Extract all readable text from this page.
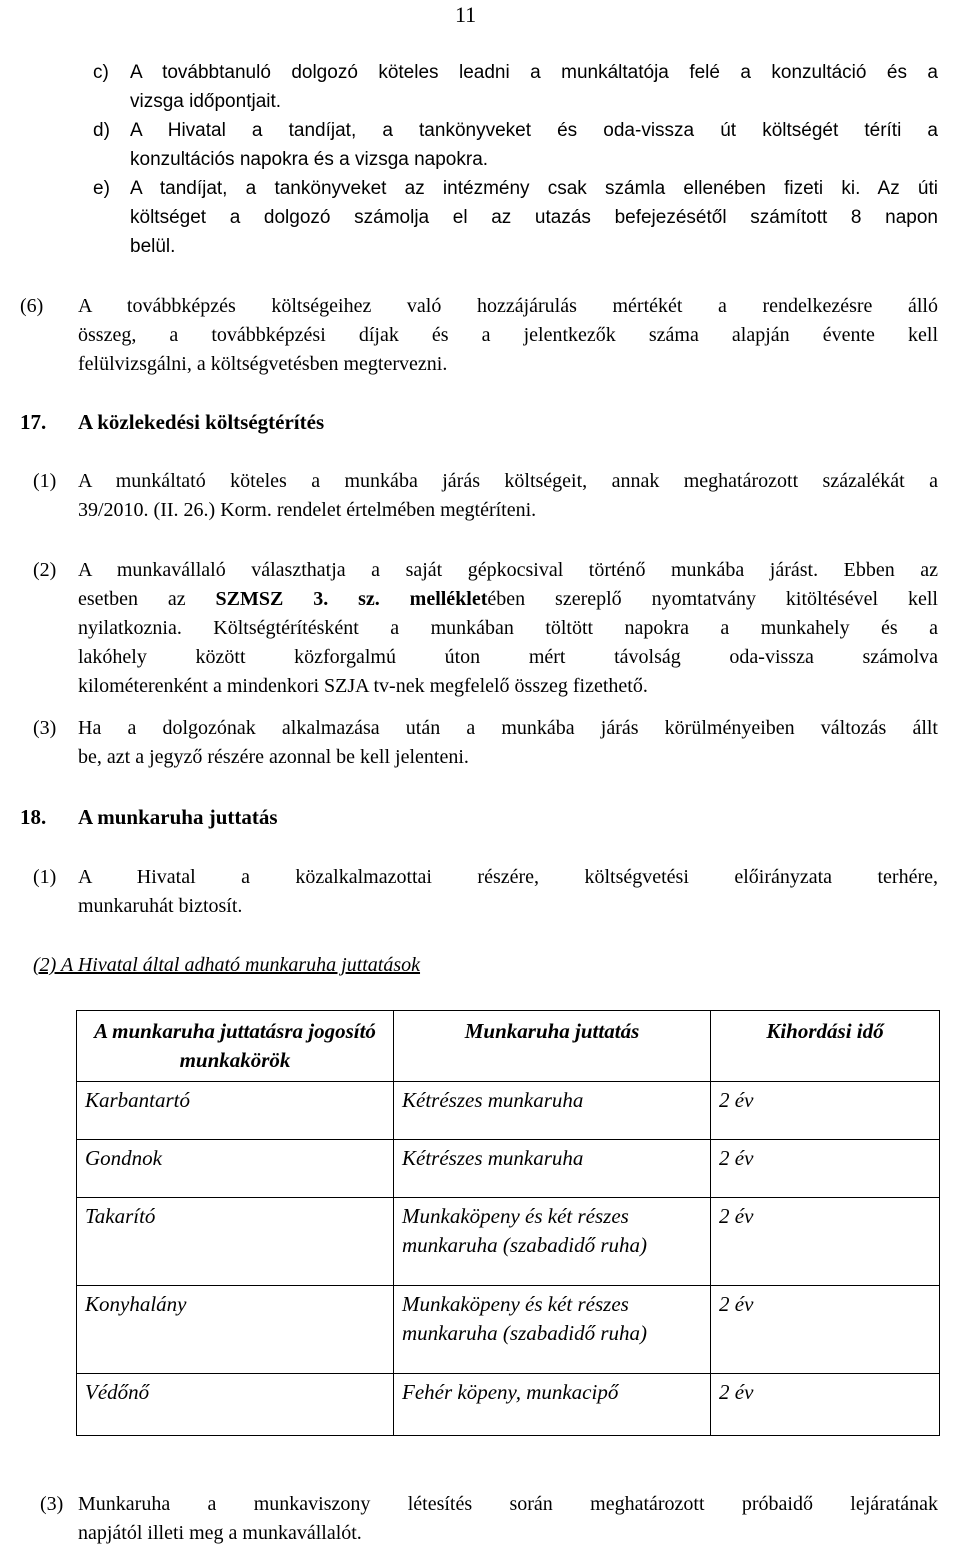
11
c) A továbbtanuló dolgozó köteles leadni a munkáltatója felé a konzultáció és a
vizsga időpontjait.
d) A Hivatal a tandíjat, a tankönyveket és oda-vissza út költségét téríti a
konzultációs napokra és a vizsga napokra.
e) A tandíjat, a tankönyveket az intézmény csak számla ellenében fizeti ki. Az úti
költséget a dolgozó számolja el az utazás befejezésétől számított 8 napon
belül.
(6) A továbbképzés költségeihez való hozzájárulás mértékét a rendelkezésre álló
összeg, a továbbképzési díjak és a jelentkezők száma alapján évente kell
felülvizsgálni, a költségvetésben megtervezni.
17. A közlekedési költségtérítés
(1) A munkáltató köteles a munkába járás költségeit, annak meghatározott százalékát a
39/2010. (II. 26.) Korm. rendelet értelmében megtéríteni.
(2) A munkavállaló választhatja a saját gépkocsival történő munkába járást. Ebben az
esetben az SZMSZ 3. sz. mellékletében szereplő nyomtatvány kitöltésével kell
nyilatkoznia. Költségtérítésként a munkában töltött napokra a munkahely és a
lakóhely között közforgalmú úton mért távolság oda-vissza számolva
kilométerenként a mindenkori SZJA tv-nek megfelelő összeg fizethető.
(3) Ha a dolgozónak alkalmazása után a munkába járás körülményeiben változás állt
be, azt a jegyző részére azonnal be kell jelenteni.
18. A munkaruha juttatás
(1) A Hivatal a közalkalmazottai részére, költségvetési előirányzata terhére,
munkaruhát biztosít.
(2) A Hivatal által adható munkaruha juttatások
A munkaruha juttatásra jogosító munkakörök	Munkaruha juttatás	Kihordási idő
Karbantartó	Kétrészes munkaruha	2 év
Gondnok	Kétrészes munkaruha	2 év
Takarító	Munkaköpeny és két részes munkaruha (szabadidő ruha)	2 év
Konyhalány	Munkaköpeny és két részes munkaruha (szabadidő ruha)	2 év
Védőnő	Fehér köpeny, munkacipő	2 év
(3) Munkaruha a munkaviszony létesítés során meghatározott próbaidő lejáratának
napjától illeti meg a munkavállalót.
